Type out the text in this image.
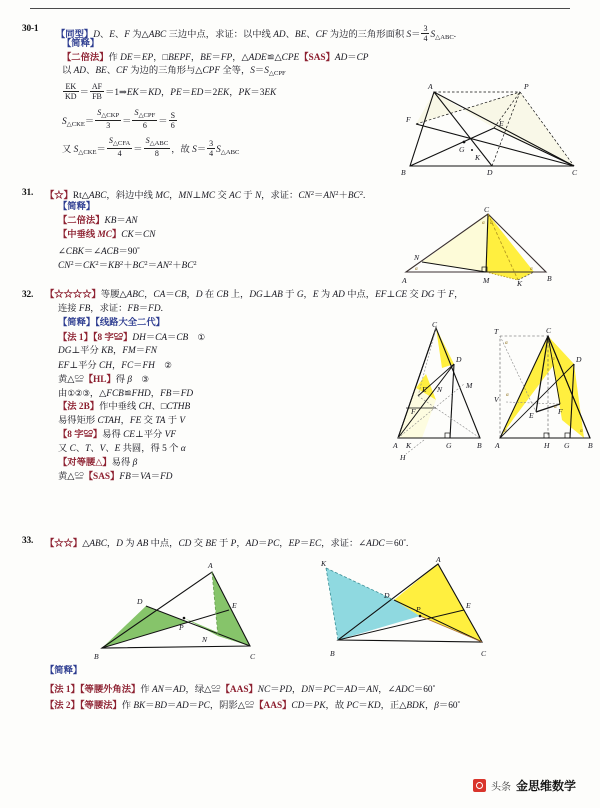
30-1
【同型】D、E、F 为△ABC 三边中点，求证：以中线 AD、BE、CF 为边的三角形面积 $S= \frac{3}{4} S_{\triangle ABC}$.
【简释】
【二倍法】作 DE＝EP，□BEPF，BE＝FP，△ADE≌△CPE【SAS】AD＝CP
以 AD、BE、CF 为边的三角形与△CPF 全等，$S=S_{\triangle CPF}$
$\frac{EK}{KD} = \frac{AF}{FB}$ ＝1⇒EK＝KD，PE＝ED＝2EK，PK＝3EK
$S_{\triangle CKE}= \frac{S_{\triangle CKP}}{3} = \frac{S_{\triangle CPF}}{6} = \frac{S}{6}$
又 $S_{\triangle CKE}= \frac{S_{\triangle CFA}}{4} = \frac{S_{\triangle ABC}}{8}$ ，故 $S= \frac{3}{4} S_{\triangle ABC}$
A	P
F	E
G
K
B	D	C
31. 【☆】Rt△ABC，斜边中线 MC，MN⊥MC 交 AC 于 N，求证：$CN^2=AN^2+BC^2$.
【简释】
【二倍法】KB＝AN
【中垂线 MC】CK＝CN
∠CBK＝∠ACB＝90°
$CN^2=CK^2=KB^2+BC^2=AN^2+BC^2$
C
N
A	M	K
B
α α
α	α
32. 【☆☆☆☆】等腰△ABC，CA＝CB，D 在 CB 上，DG⊥AB 于 G，E 为 AD 中点，EF⊥CE 交 DG 于 F，
连接 FB，求证：FB＝FD.
【简释】【线路大全二代】
【法 1】【8 字≌】DH＝CA＝CB　 ①
DG⊥平分 KB，FM＝FN
EF⊥平分 CH，FC＝FH　 ②
黄△≌【HL】得 β　 ③
由①②③，△FCB≌FHD，FB＝FD
【法 2B】作中垂线 CH、□CTHB
易得矩形 CTAH，FE 交 TA 于 V
【8 字≌】易得 CE⊥平分 VF
又 C、T、V、E 共圆，得 5 个 α
【对等腰△】易得 β
黄△≌【SAS】FB＝VA＝FD
C
D
M
E N
F
A K	G	B
T	C
D
V
E	F
A	H G B
α
α
α
α
α	α
H
33. 【☆☆】△ABC，D 为 AB 中点，CD 交 BE 于 P，AD＝PC，EP＝EC，求证：∠ADC＝60°.
【简释】
【法 1】【等腰外角法】作 AN＝AD，绿△≌【AAS】NC＝PD，DN＝PC＝AD＝AN，∠ADC＝60°
【法 2】【等腰法】作 BK＝BD＝AD＝PC，阴影△≌【AAS】CD＝PK，故 PC＝KD，正△BDK，β＝60°
A
D	E
P
N
B	C
K	A
D
E
P
B	C
头条 金思维数学
